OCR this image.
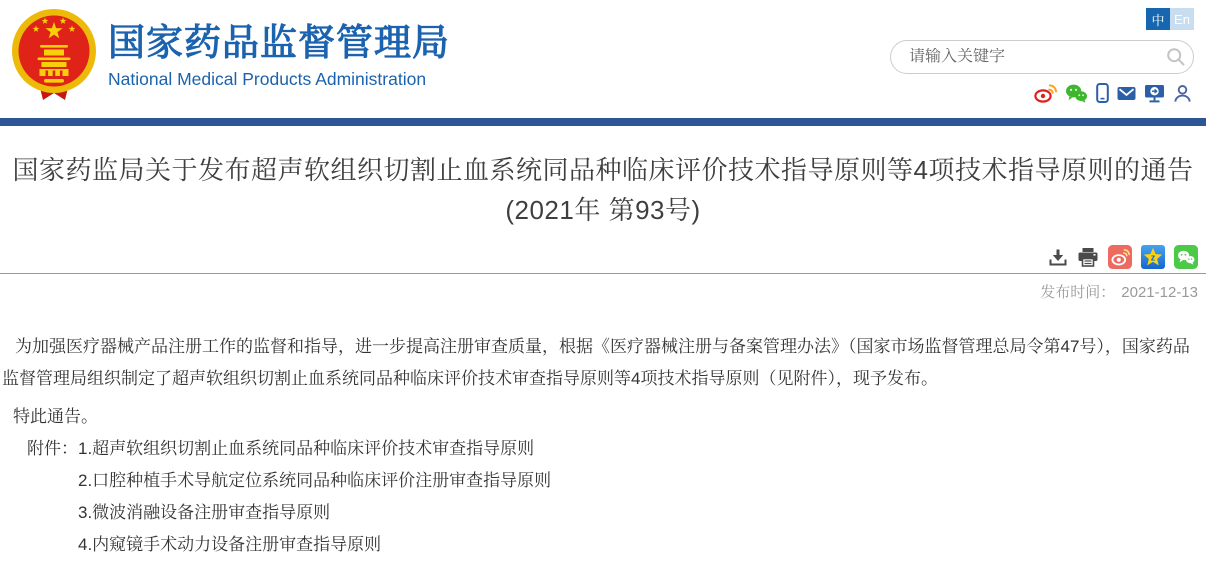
国家药品监督管理局
National Medical Products Administration
中 En
请输入关键字
国家药监局关于发布超声软组织切割止血系统同品种临床评价技术指导原则等4项技术指导原则的通告
(2021年 第93号)
z
发布时间： 2021-12-13

为加强医疗器械产品注册工作的监督和指导，进一步提高注册审查质量，根据《医疗器械注册与备案管理办法》（国家市场监督管理总局令第47号），国家药品监督管理局组织制定了超声软组织切割止血系统同品种临床评价技术审查指导原则等4项技术指导原则（见附件），现予发布。

特此通告。

附件：1.超声软组织切割止血系统同品种临床评价技术审查指导原则
2.口腔种植手术导航定位系统同品种临床评价注册审查指导原则
3.微波消融设备注册审查指导原则
4.内窥镜手术动力设备注册审查指导原则
